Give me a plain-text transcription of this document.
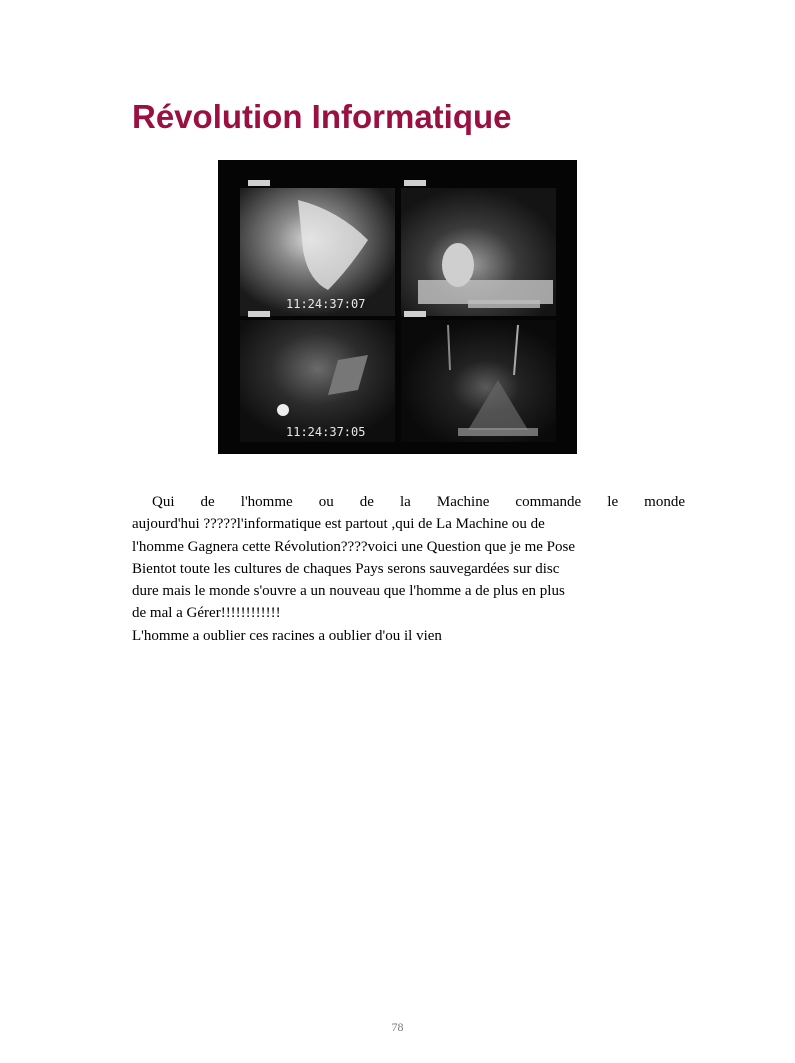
Révolution Informatique
11:24:37:07
11:24:37:05
Qui de l'homme ou de la Machine commande le monde
aujourd'hui ?????l'informatique est partout ,qui de La Machine ou de
l'homme Gagnera cette Révolution????voici une Question que je me Pose
Bientot toute les cultures de chaques Pays serons sauvegardées sur disc
dure mais le monde s'ouvre a un nouveau que l'homme a de plus en plus
de mal a Gérer!!!!!!!!!!!!
L'homme a oublier ces racines a oublier d'ou il vien
78
